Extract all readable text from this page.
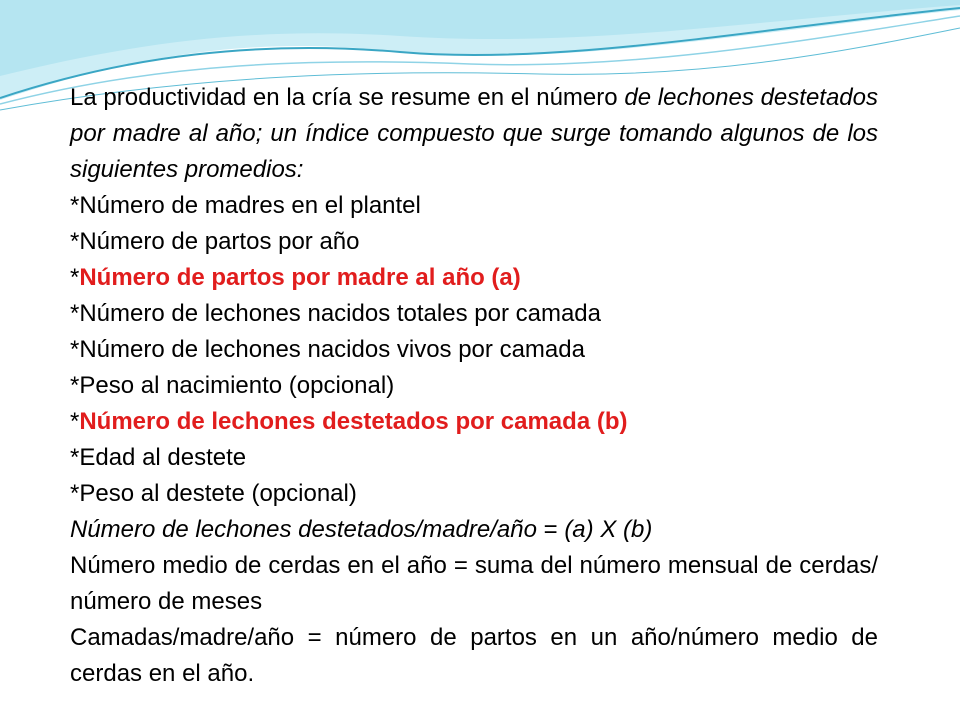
La productividad en la cría se resume en el número de lechones destetados por madre al año; un índice compuesto que surge tomando algunos de los siguientes promedios:

*Número de madres en el plantel
*Número de partos por año
*Número de partos por madre al año (a)
*Número de lechones nacidos totales por camada
*Número de lechones nacidos vivos por camada
*Peso al nacimiento (opcional)
*Número de lechones destetados por camada (b)
*Edad al destete
*Peso al destete (opcional)
Número de lechones destetados/madre/año = (a) X (b)

Número medio de cerdas en el año = suma del número mensual de cerdas/ número de meses

Camadas/madre/año = número de partos en un año/número medio de cerdas en el año.
